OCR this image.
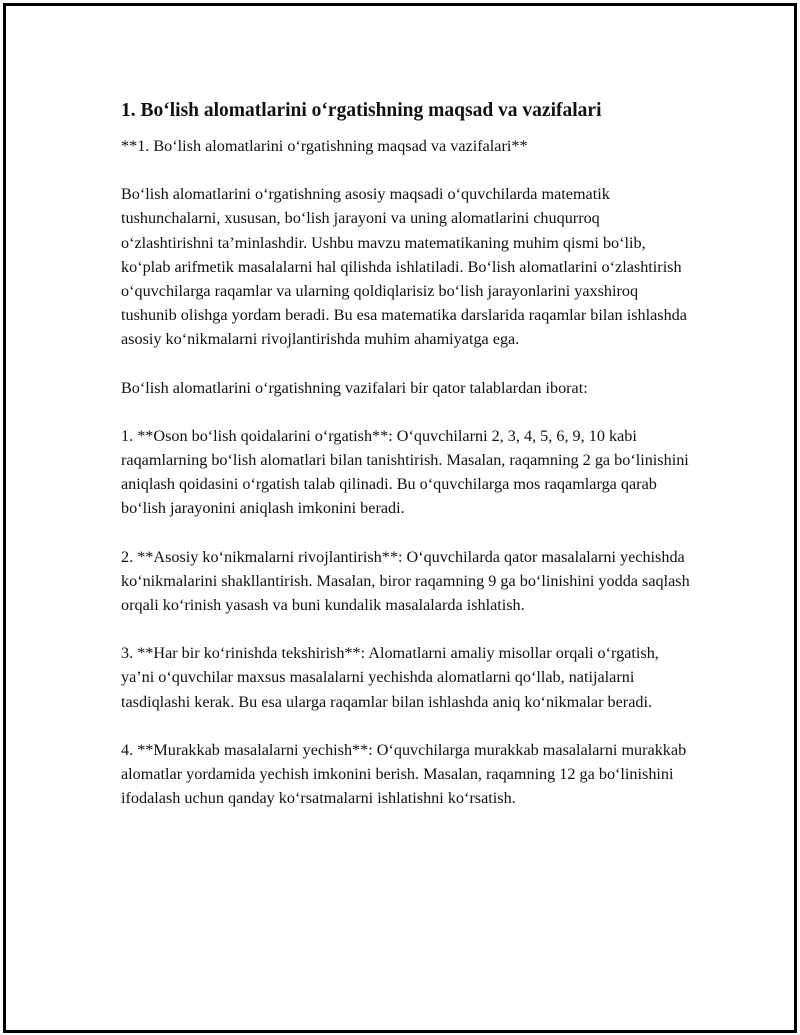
1. Bo‘lish alomatlarini o‘rgatishning maqsad va vazifalari

**1. Bo‘lish alomatlarini o‘rgatishning maqsad va vazifalari**

Bo‘lish alomatlarini o‘rgatishning asosiy maqsadi o‘quvchilarda matematik tushunchalarni, xususan, bo‘lish jarayoni va uning alomatlarini chuqurroq o‘zlashtirishni ta’minlashdir. Ushbu mavzu matematikaning muhim qismi bo‘lib, ko‘plab arifmetik masalalarni hal qilishda ishlatiladi. Bo‘lish alomatlarini o‘zlashtirish o‘quvchilarga raqamlar va ularning qoldiqlarisiz bo‘lish jarayonlarini yaxshiroq tushunib olishga yordam beradi. Bu esa matematika darslarida raqamlar bilan ishlashda asosiy ko‘nikmalarni rivojlantirishda muhim ahamiyatga ega.

Bo‘lish alomatlarini o‘rgatishning vazifalari bir qator talablardan iborat:

1. **Oson bo‘lish qoidalarini o‘rgatish**: O‘quvchilarni 2, 3, 4, 5, 6, 9, 10 kabi raqamlarning bo‘lish alomatlari bilan tanishtirish. Masalan, raqamning 2 ga bo‘linishini aniqlash qoidasini o‘rgatish talab qilinadi. Bu o‘quvchilarga mos raqamlarga qarab bo‘lish jarayonini aniqlash imkonini beradi.

2. **Asosiy ko‘nikmalarni rivojlantirish**: O‘quvchilarda qator masalalarni yechishda ko‘nikmalarini shakllantirish. Masalan, biror raqamning 9 ga bo‘linishini yodda saqlash orqali ko‘rinish yasash va buni kundalik masalalarda ishlatish.

3. **Har bir ko‘rinishda tekshirish**: Alomatlarni amaliy misollar orqali o‘rgatish, ya’ni o‘quvchilar maxsus masalalarni yechishda alomatlarni qo‘llab, natijalarni tasdiqlashi kerak. Bu esa ularga raqamlar bilan ishlashda aniq ko‘nikmalar beradi.

4. **Murakkab masalalarni yechish**: O‘quvchilarga murakkab masalalarni murakkab alomatlar yordamida yechish imkonini berish. Masalan, raqamning 12 ga bo‘linishini ifodalash uchun qanday ko‘rsatmalarni ishlatishni ko‘rsatish.
